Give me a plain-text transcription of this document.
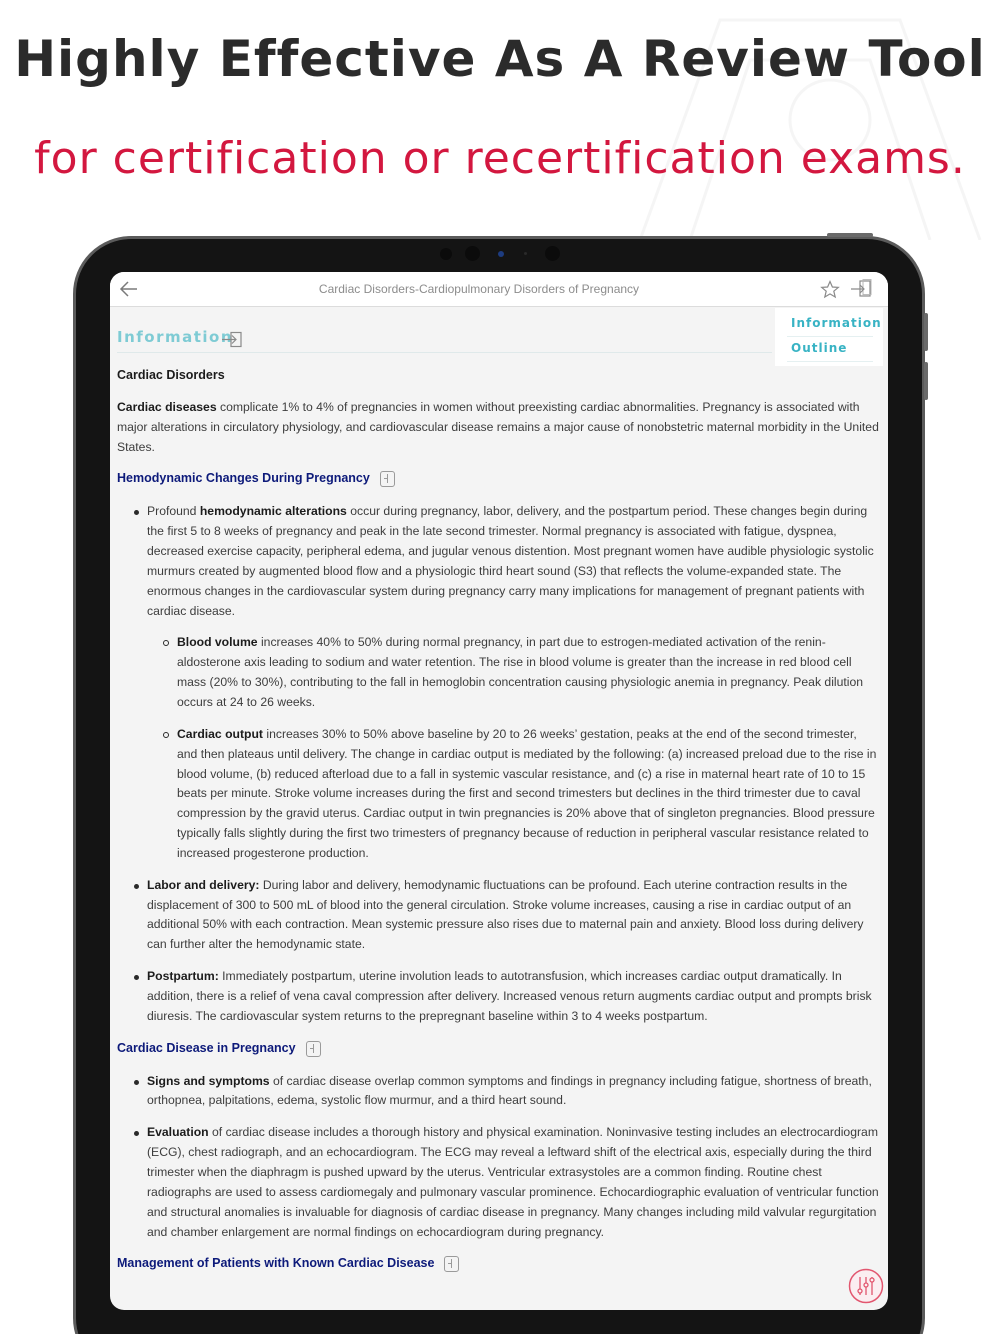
Highly Effective As A Review Tool
for certification or recertification exams.
Cardiac Disorders-Cardiopulmonary Disorders of Pregnancy
Information
Information
Outline
Cardiac Disorders
Cardiac diseases complicate 1% to 4% of pregnancies in women without preexisting cardiac abnormalities. Pregnancy is associated with major alterations in circulatory physiology, and cardiovascular disease remains a major cause of nonobstetric maternal morbidity in the United States.
Hemodynamic Changes During Pregnancy
Profound hemodynamic alterations occur during pregnancy, labor, delivery, and the postpartum period. These changes begin during the first 5 to 8 weeks of pregnancy and peak in the late second trimester. Normal pregnancy is associated with fatigue, dyspnea, decreased exercise capacity, peripheral edema, and jugular venous distention. Most pregnant women have audible physiologic systolic murmurs created by augmented blood flow and a physiologic third heart sound (S3) that reflects the volume-expanded state. The enormous changes in the cardiovascular system during pregnancy carry many implications for management of pregnant patients with cardiac disease.
Blood volume increases 40% to 50% during normal pregnancy, in part due to estrogen-mediated activation of the renin-aldosterone axis leading to sodium and water retention. The rise in blood volume is greater than the increase in red blood cell mass (20% to 30%), contributing to the fall in hemoglobin concentration causing physiologic anemia in pregnancy. Peak dilution occurs at 24 to 26 weeks.
Cardiac output increases 30% to 50% above baseline by 20 to 26 weeks’ gestation, peaks at the end of the second trimester, and then plateaus until delivery. The change in cardiac output is mediated by the following: (a) increased preload due to the rise in blood volume, (b) reduced afterload due to a fall in systemic vascular resistance, and (c) a rise in maternal heart rate of 10 to 15 beats per minute. Stroke volume increases during the first and second trimesters but declines in the third trimester due to caval compression by the gravid uterus. Cardiac output in twin pregnancies is 20% above that of singleton pregnancies. Blood pressure typically falls slightly during the first two trimesters of pregnancy because of reduction in peripheral vascular resistance related to increased progesterone production.
Labor and delivery: During labor and delivery, hemodynamic fluctuations can be profound. Each uterine contraction results in the displacement of 300 to 500 mL of blood into the general circulation. Stroke volume increases, causing a rise in cardiac output of an additional 50% with each contraction. Mean systemic pressure also rises due to maternal pain and anxiety. Blood loss during delivery can further alter the hemodynamic state.
Postpartum: Immediately postpartum, uterine involution leads to autotransfusion, which increases cardiac output dramatically. In addition, there is a relief of vena caval compression after delivery. Increased venous return augments cardiac output and prompts brisk diuresis. The cardiovascular system returns to the prepregnant baseline within 3 to 4 weeks postpartum.
Cardiac Disease in Pregnancy
Signs and symptoms of cardiac disease overlap common symptoms and findings in pregnancy including fatigue, shortness of breath, orthopnea, palpitations, edema, systolic flow murmur, and a third heart sound.
Evaluation of cardiac disease includes a thorough history and physical examination. Noninvasive testing includes an electrocardiogram (ECG), chest radiograph, and an echocardiogram. The ECG may reveal a leftward shift of the electrical axis, especially during the third trimester when the diaphragm is pushed upward by the uterus. Ventricular extrasystoles are a common finding. Routine chest radiographs are used to assess cardiomegaly and pulmonary vascular prominence. Echocardiographic evaluation of ventricular function and structural anomalies is invaluable for diagnosis of cardiac disease in pregnancy. Many changes including mild valvular regurgitation and chamber enlargement are normal findings on echocardiogram during pregnancy.
Management of Patients with Known Cardiac Disease
